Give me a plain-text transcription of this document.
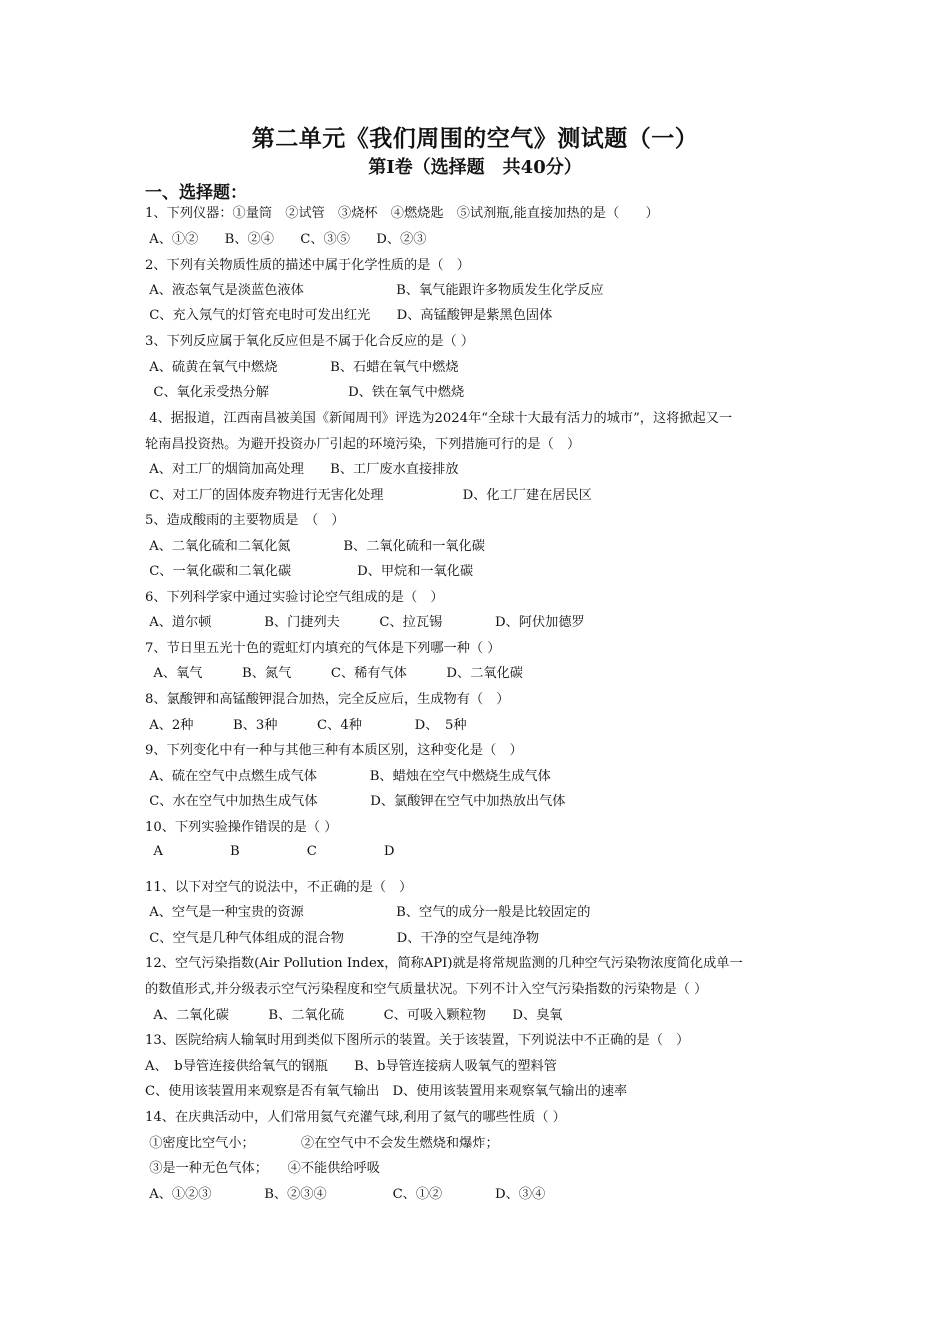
第二单元《我们周围的空气》测试题（一）
第Ⅰ卷（选择题　共40分）
一、选择题：
1、下列仪器：①量筒　②试管　③烧杯　④燃烧匙　⑤试剂瓶,能直接加热的是（　　）
A、①②　　B、②④　　C、③⑤　　D、②③
2、下列有关物质性质的描述中属于化学性质的是（　）
A、液态氧气是淡蓝色液体　　　　　　　B、氧气能跟许多物质发生化学反应
C、充入氖气的灯管充电时可发出红光　　D、高锰酸钾是紫黑色固体
3、下列反应属于氧化反应但是不属于化合反应的是（ ）
A、硫黄在氧气中燃烧　　　　B、石蜡在氧气中燃烧
C、氧化汞受热分解　　　　　　D、铁在氧气中燃烧
4、据报道，江西南昌被美国《新闻周刊》评选为2024年“全球十大最有活力的城市”，这将掀起又一
轮南昌投资热。为避开投资办厂引起的环境污染，下列措施可行的是（　）
A、对工厂的烟筒加高处理　　B、工厂废水直接排放
C、对工厂的固体废弃物进行无害化处理　　　　　　D、化工厂建在居民区
5、造成酸雨的主要物质是　（　）
A、二氧化硫和二氧化氮　　　　B、二氧化硫和一氧化碳
C、一氧化碳和二氧化碳　　　　　D、甲烷和一氧化碳
6、下列科学家中通过实验讨论空气组成的是（　）
A、道尔顿　　　　B、门捷列夫　　　C、拉瓦锡　　　　D、阿伏加德罗
7、节日里五光十色的霓虹灯内填充的气体是下列哪一种（ ）
A、氧气　　　B、氮气　　　C、稀有气体　　　D、二氧化碳
8、氯酸钾和高锰酸钾混合加热，完全反应后，生成物有（　）
A、2种　　　B、3种　　　C、4种　　　　D、　5种
9、下列变化中有一种与其他三种有本质区别，这种变化是（　）
A、硫在空气中点燃生成气体　　　　B、蜡烛在空气中燃烧生成气体
C、水在空气中加热生成气体　　　　D、氯酸钾在空气中加热放出气体
10、下列实验操作错误的是（ ）
A                B                C                D
11、以下对空气的说法中，不正确的是（　）
A、空气是一种宝贵的资源　　　　　　　B、空气的成分一般是比较固定的
C、空气是几种气体组成的混合物　　　　D、干净的空气是纯净物
12、空气污染指数(Air Pollution Index，简称API)就是将常规监测的几种空气污染物浓度简化成单一
的数值形式,并分级表示空气污染程度和空气质量状况。下列不计入空气污染指数的污染物是（ ）
A、二氧化碳　　　B、二氧化硫　　　C、可吸入颗粒物　　D、臭氧
13、医院给病人输氧时用到类似下图所示的装置。关于该装置，下列说法中不正确的是（　）
A、　b导管连接供给氧气的钢瓶　　B、b导管连接病人吸氧气的塑料管
C、使用该装置用来观察是否有氧气输出　D、使用该装置用来观察氧气输出的速率
14、在庆典活动中，人们常用氦气充灌气球,利用了氦气的哪些性质（ ）
①密度比空气小；　　　　②在空气中不会发生燃烧和爆炸；
③是一种无色气体；　　④不能供给呼吸
A、①②③　　　　B、②③④　　　　　C、①②　　　　D、③④
